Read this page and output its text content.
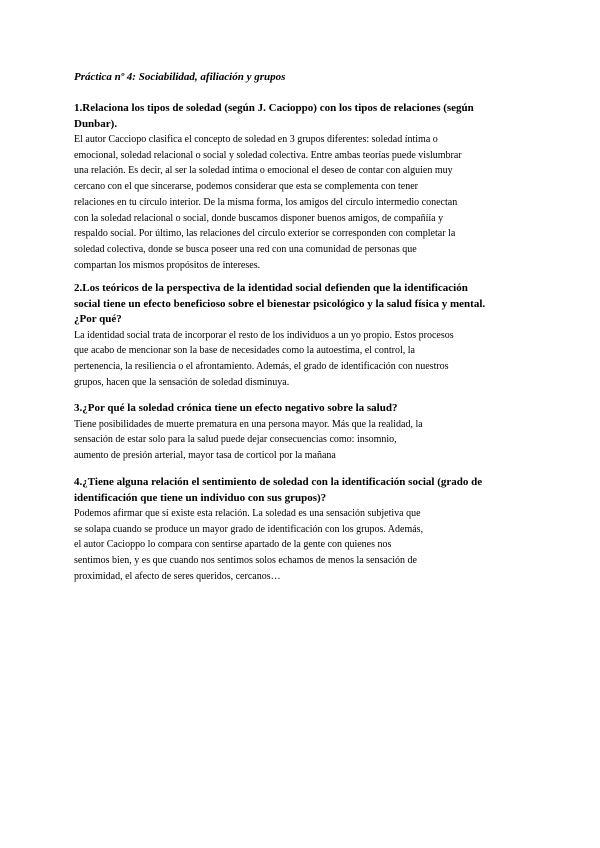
Práctica nº 4: Sociabilidad, afiliación y grupos
1.Relaciona los tipos de soledad (según J. Cacioppo) con los tipos de relaciones (según
Dunbar).
El autor Cacciopo clasifica el concepto de soledad en 3 grupos diferentes: soledad íntima o
emocional, soledad relacional o social y soledad colectiva. Entre ambas teorías puede vislumbrar
una relación. Es decir, al ser la soledad íntima o emocional el deseo de contar con alguien muy
cercano con el que sincerarse, podemos considerar que esta se complementa con tener
relaciones en tu círculo interior. De la misma forma, los amigos del círculo intermedio conectan
con la soledad relacional o social, donde buscamos disponer buenos amigos, de compañíía y
respaldo social. Por último, las relaciones del círculo exterior se corresponden con completar la
soledad colectiva, donde se busca poseer una red con una comunidad de personas que
compartan los mismos propósitos de intereses.
2.Los teóricos de la perspectiva de la identidad social defienden que la identificación
social tiene un efecto beneficioso sobre el bienestar psicológico y la salud física y mental.
¿Por qué?
La identidad social trata de incorporar el resto de los individuos a un yo propio. Estos procesos
que acabo de mencionar son la base de necesidades como la autoestima, el control, la
pertenencia, la resiliencia o el afrontamiento. Además, el grado de identificación con nuestros
grupos, hacen que la sensación de soledad disminuya.
3.¿Por qué la soledad crónica tiene un efecto negativo sobre la salud?
Tiene posibilidades de muerte prematura en una persona mayor. Más que la realidad, la
sensación de estar solo para la salud puede dejar consecuencias como: insomnio,
aumento de presión arterial, mayor tasa de corticol por la mañana
4.¿Tiene alguna relación el sentimiento de soledad con la identificación social (grado de
identificación que tiene un individuo con sus grupos)?
Podemos afirmar que sí existe esta relación. La soledad es una sensación subjetiva que
se solapa cuando se produce un mayor grado de identificación con los grupos. Además,
el autor Cacioppo lo compara con sentirse apartado de la gente con quienes nos
sentimos bien, y es que cuando nos sentimos solos echamos de menos la sensación de
proximidad, el afecto de seres queridos, cercanos…
